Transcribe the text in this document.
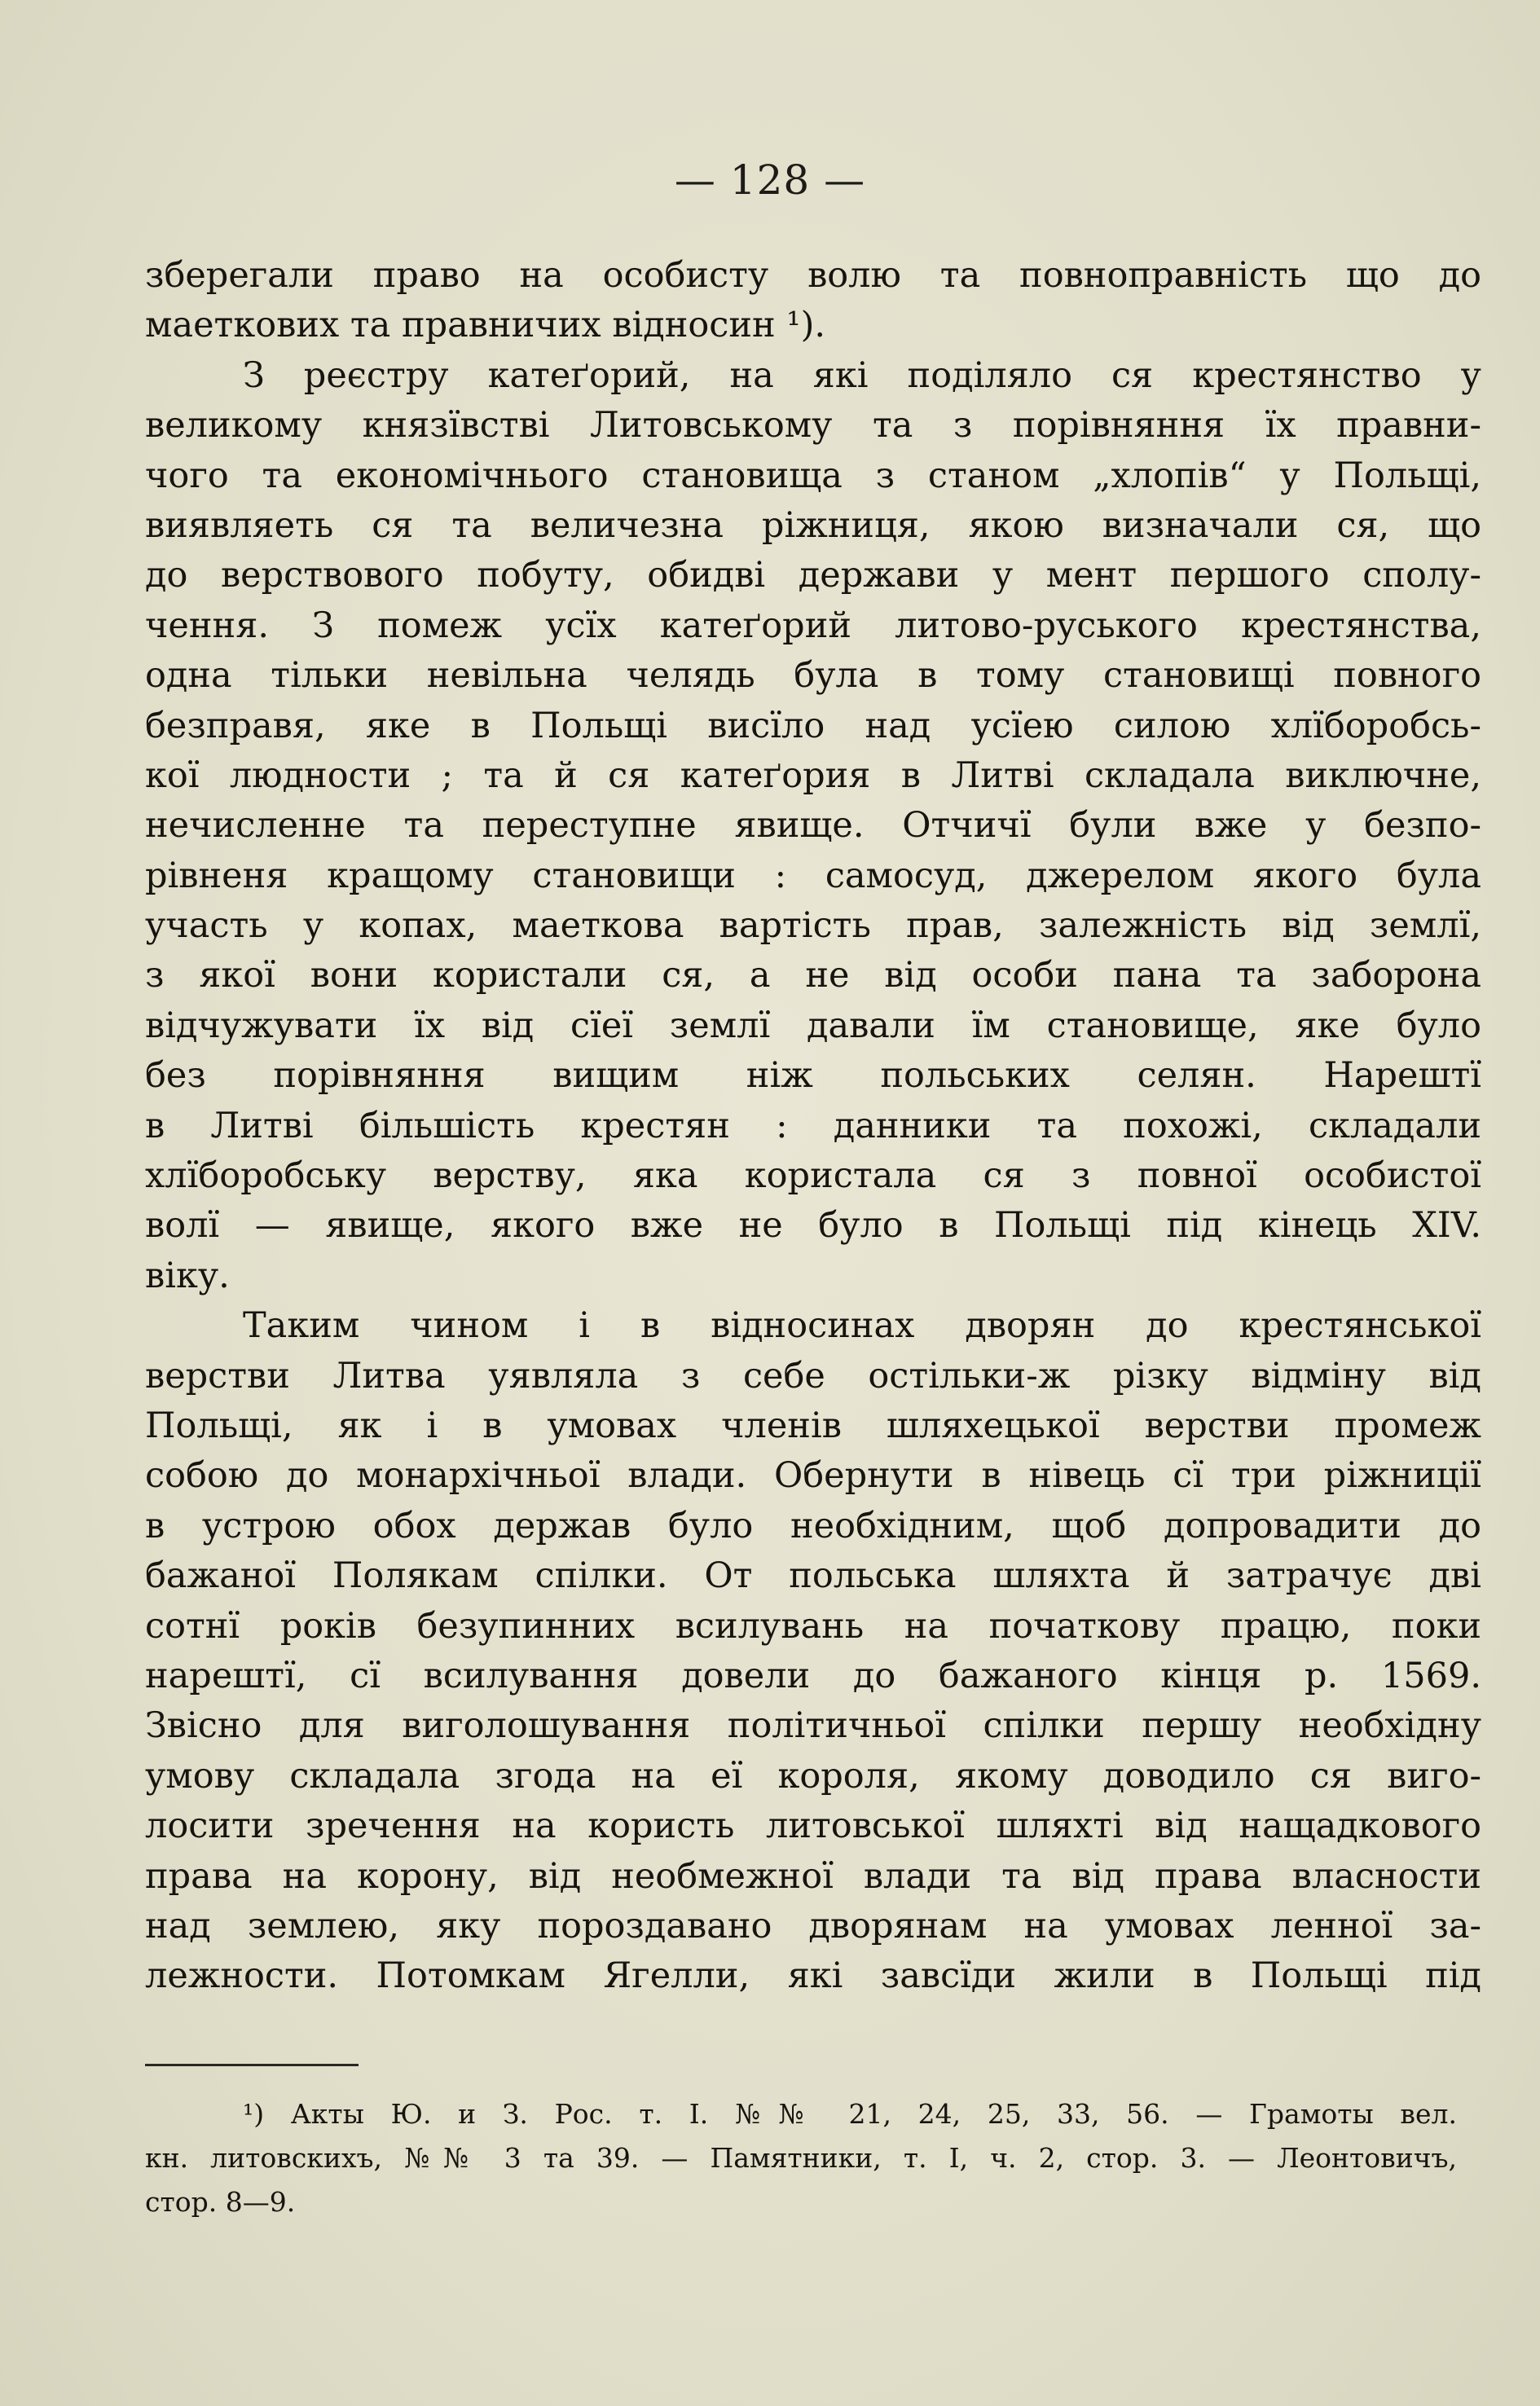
— 128 —
зберегали право на особисту волю та повноправність що до
маеткових та правничих відносин ¹).
З реєстру катеґорий, на які поділяло ся крестянство у
великому князївстві Литовському та з порівняння їх правни-
чого та економічнього становища з станом „хлопів“ у Польщі,
виявляеть ся та величезна ріжниця, якою визначали ся, що
до верствового побуту, обидві держави у мент першого сполу-
чення. З помеж усїх катеґорий литово-руського крестянства,
одна тільки невільна челядь була в тому становищі повного
безправя, яке в Польщі висїло над усїею силою хлїборобсь-
кої людности ; та й ся катеґория в Литві складала виключне,
нечисленне та переступне явище. Отчичї були вже у безпо-
рівненя кращому становищи : самосуд, джерелом якого була
участь у копах, маеткова вартість прав, залежність від землї,
з якої вони користали ся, а не від особи пана та заборона
відчужувати їх від сїеї землї давали їм становище, яке було
без порівняння вищим ніж польських селян. Нарештї
в Литві більшість крестян : данники та похожі, складали
хлїборобську верству, яка користала ся з повної особистої
волї — явище, якого вже не було в Польщі під кінець XIV.
віку.
Таким чином і в відносинах дворян до крестянської
верстви Литва уявляла з себе остільки-ж різку відміну від
Польщі, як і в умовах членів шляхецької верстви промеж
собою до монархічньої влади. Обернути в нівець сї три ріжниції
в устрою обох держав було необхідним, щоб допровадити до
бажаної Полякам спілки. От польська шляхта й затрачує дві
сотнї років безупинних всилувань на початкову працю, поки
нарештї, сї всилування довели до бажаного кінця р. 1569.
Звісно для виголошування політичньої спілки першу необхідну
умову складала згода на еї короля, якому доводило ся виго-
лосити зречення на користь литовської шляхті від нащадкового
права на корону, від необмежної влади та від права власности
над землею, яку пороздавано дворянам на умовах ленної за-
лежности. Потомкам Ягелли, які завсїди жили в Польщі під
¹) Акты Ю. и З. Рос. т. I. №№ 21, 24, 25, 33, 56. — Грамоты вел.
кн. литовскихъ, №№ 3 та 39. — Памятники, т. I, ч. 2, стор. 3. — Леонтовичъ,
стор. 8—9.
